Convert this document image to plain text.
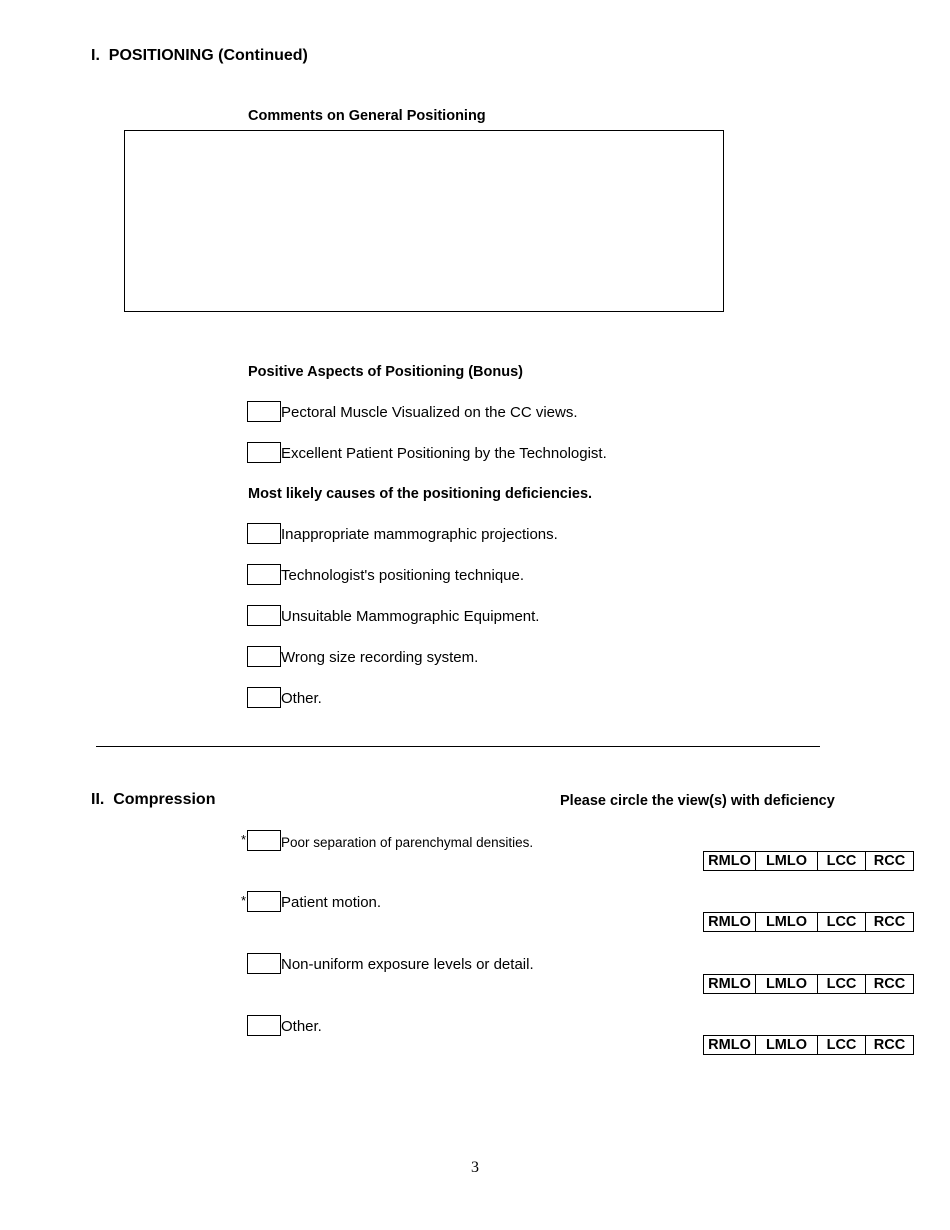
I.  POSITIONING (Continued)
Comments on General Positioning
Positive Aspects of Positioning (Bonus)
Pectoral Muscle Visualized on the CC views.
Excellent Patient Positioning by the Technologist.
Most likely causes of the positioning deficiencies.
Inappropriate mammographic projections.
Technologist's positioning technique.
Unsuitable Mammographic Equipment.
Wrong size recording system.
Other.
II.  Compression	Please circle the view(s) with deficiency
*	Poor separation of parenchymal densities.
RMLO	LMLO	LCC	RCC
* Patient motion.
RMLO	LMLO	LCC	RCC
Non-uniform exposure levels or detail.
RMLO	LMLO	LCC	RCC
Other.
RMLO	LMLO	LCC	RCC
3
